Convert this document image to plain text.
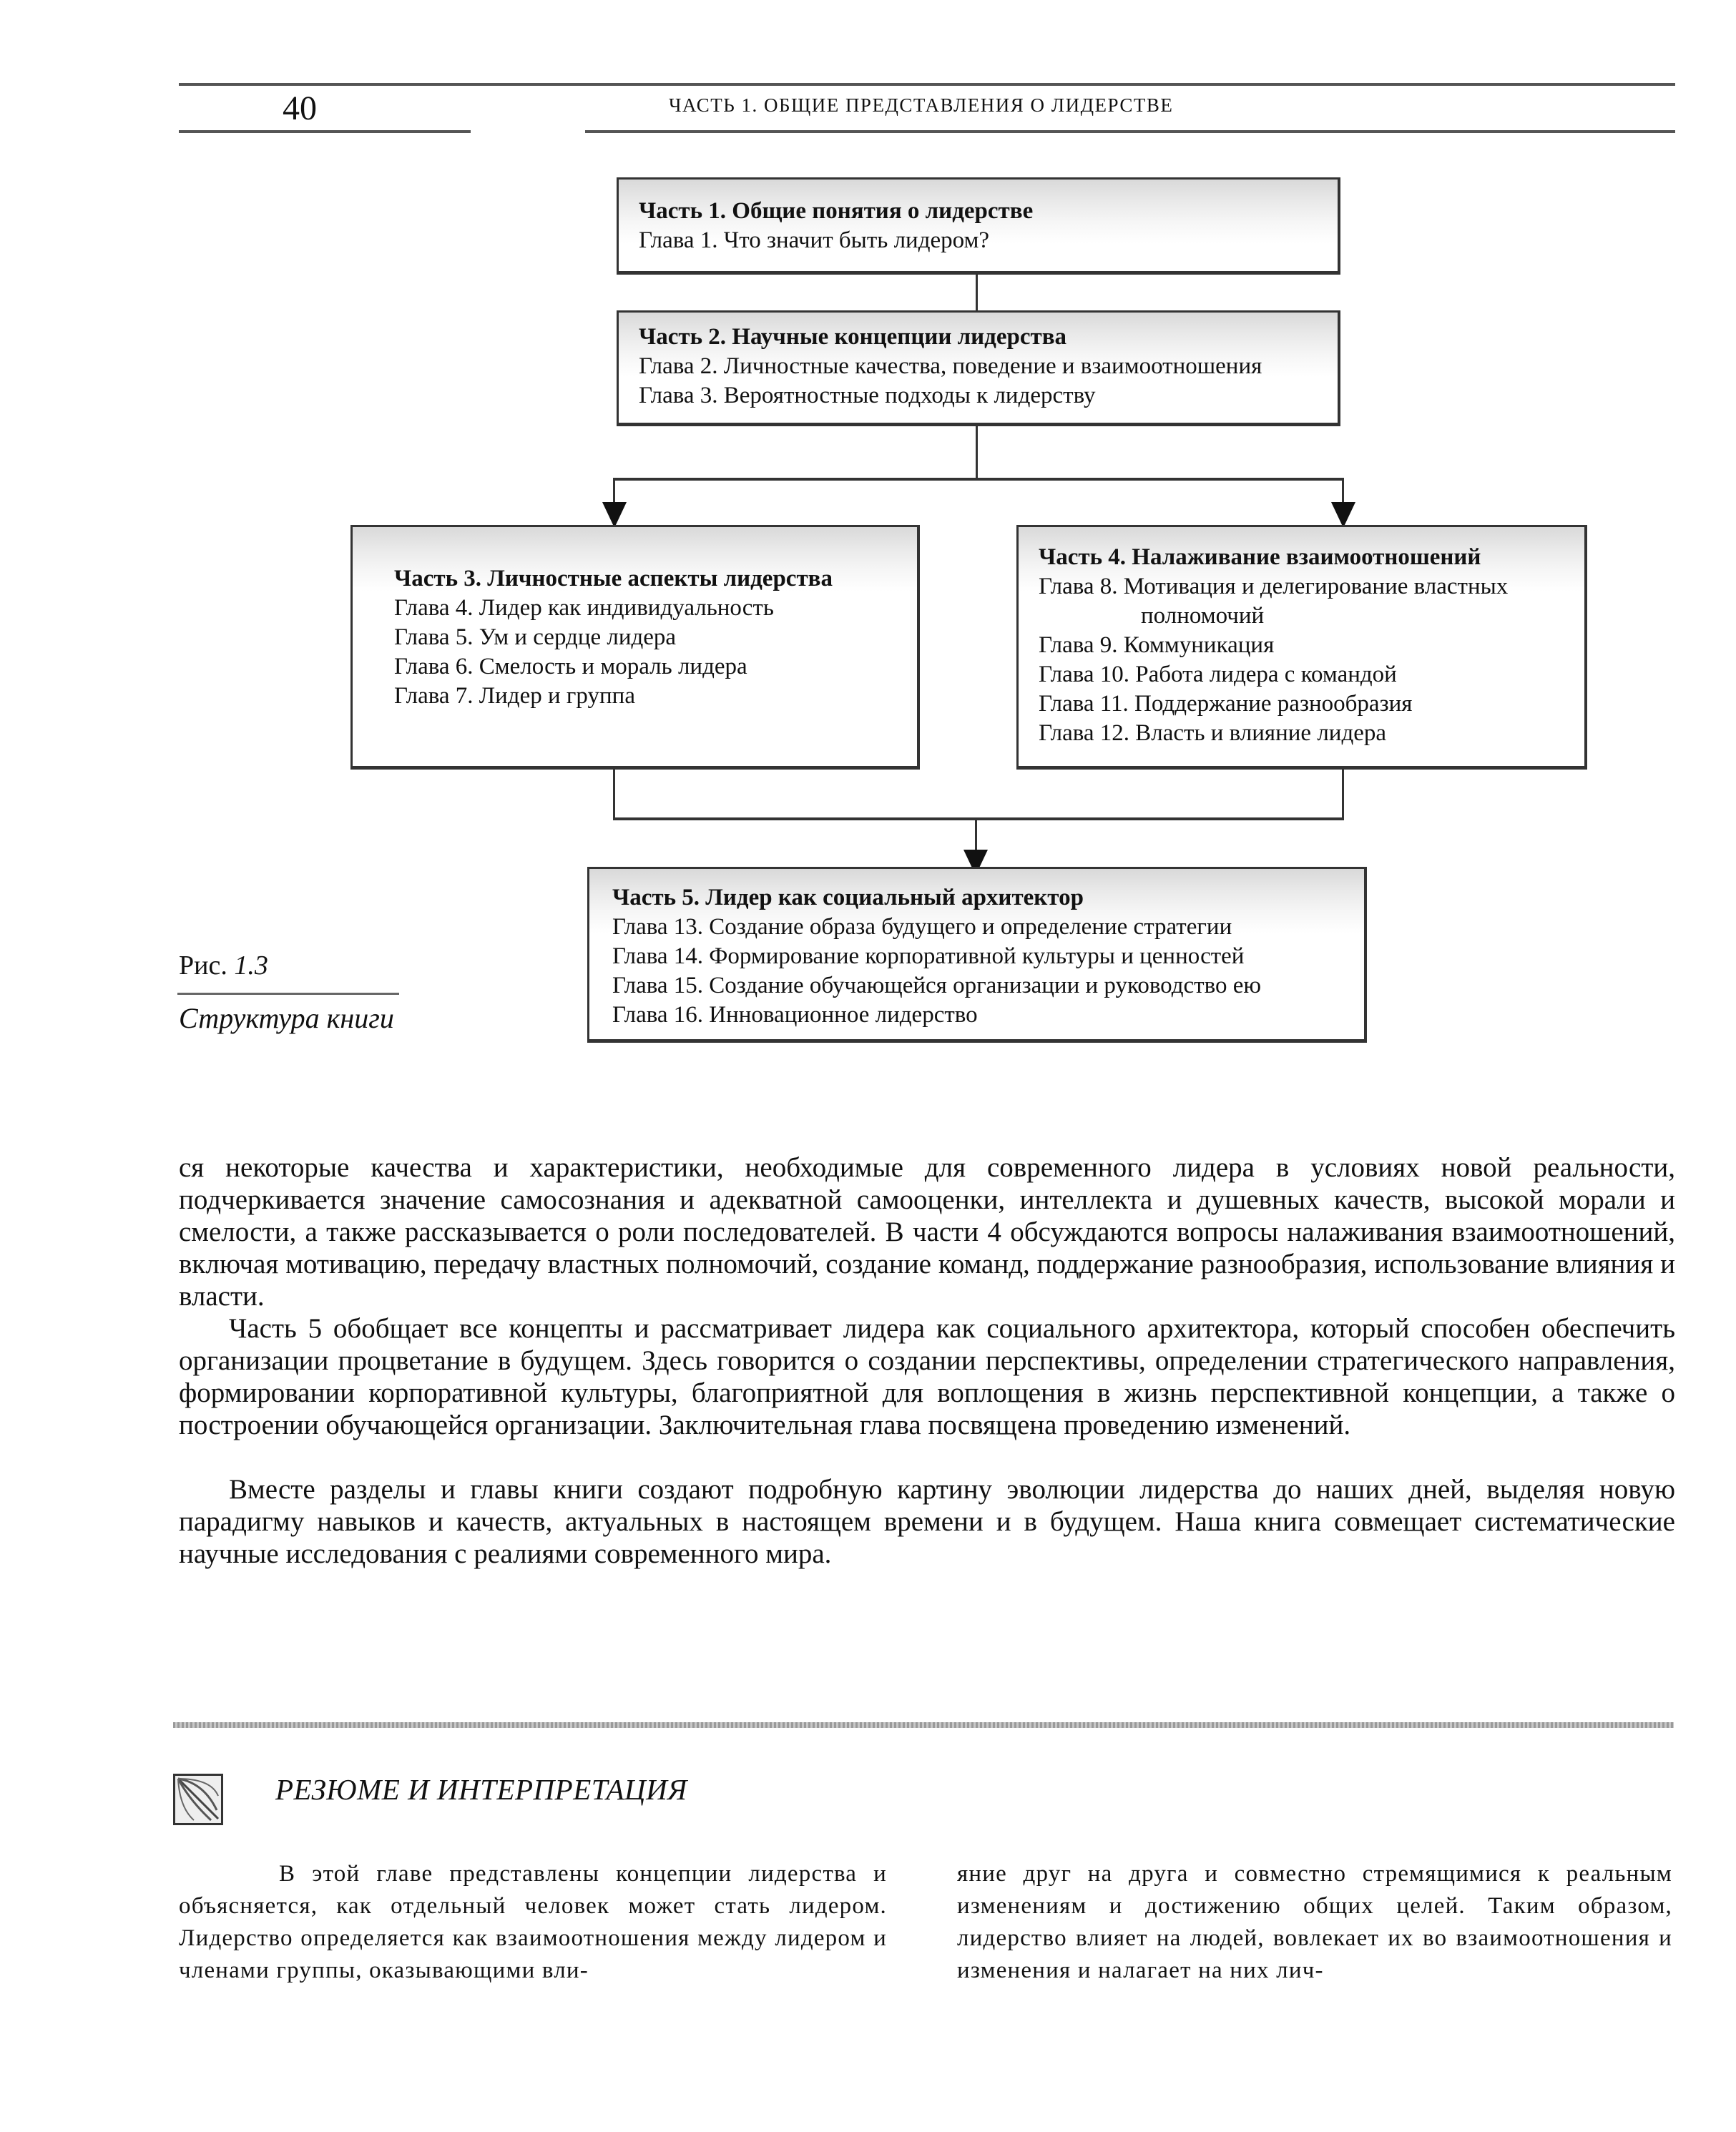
40	ЧАСТЬ 1. ОБЩИЕ ПРЕДСТАВЛЕНИЯ О ЛИДЕРСТВЕ
Часть 1. Общие понятия о лидерстве
Глава 1. Что значит быть лидером?
Часть 2. Научные концепции лидерства
Глава 2. Личностные качества, поведение и взаимоотношения
Глава 3. Вероятностные подходы к лидерству
Часть 3. Личностные аспекты лидерства
Глава 4. Лидер как индивидуальность
Глава 5. Ум и сердце лидера
Глава 6. Смелость и мораль лидера
Глава 7. Лидер и группа
Часть 4. Налаживание взаимоотношений
Глава 8. Мотивация и делегирование властных
полномочий
Глава 9. Коммуникация
Глава 10. Работа лидера с командой
Глава 11. Поддержание разнообразия
Глава 12. Власть и влияние лидера
Часть 5. Лидер как социальный архитектор
Глава 13. Создание образа будущего и определение стратегии
Глава 14. Формирование корпоративной культуры и ценностей
Глава 15. Создание обучающейся организации и руководство ею
Глава 16. Инновационное лидерство
Рис. 1.3
Структура книги

ся некоторые качества и характеристики, необходимые для современного лидера в условиях новой реальности, подчеркивается значение самосознания и адекватной самооценки, интеллекта и душевных качеств, высокой морали и смелости, а также рассказывается о роли последователей. В части 4 обсуждаются вопросы налаживания взаимоотношений, включая мотивацию, передачу властных полномочий, создание команд, поддержание разнообразия, использование влияния и власти.

Часть 5 обобщает все концепты и рассматривает лидера как социального архитектора, который способен обеспечить организации процветание в будущем. Здесь говорится о создании перспективы, определении стратегического направления, формировании корпоративной культуры, благоприятной для воплощения в жизнь перспективной концепции, а также о построении обучающейся организации. Заключительная глава посвящена проведению изменений.

Вместе разделы и главы книги создают подробную картину эволюции лидерства до наших дней, выделяя новую парадигму навыков и качеств, актуальных в настоящем времени и в будущем. Наша книга совмещает систематические научные исследования с реалиями современного мира.

РЕЗЮМЕ И ИНТЕРПРЕТАЦИЯ

В этой главе представлены концепции лидерства и объясняется, как отдельный человек может стать лидером. Лидерство определяется как взаимоотношения между лидером и членами группы, оказывающими вли-

яние друг на друга и совместно стремящимися к реальным изменениям и достижению общих целей. Таким образом, лидерство влияет на людей, вовлекает их во взаимоотношения и изменения и налагает на них лич-
